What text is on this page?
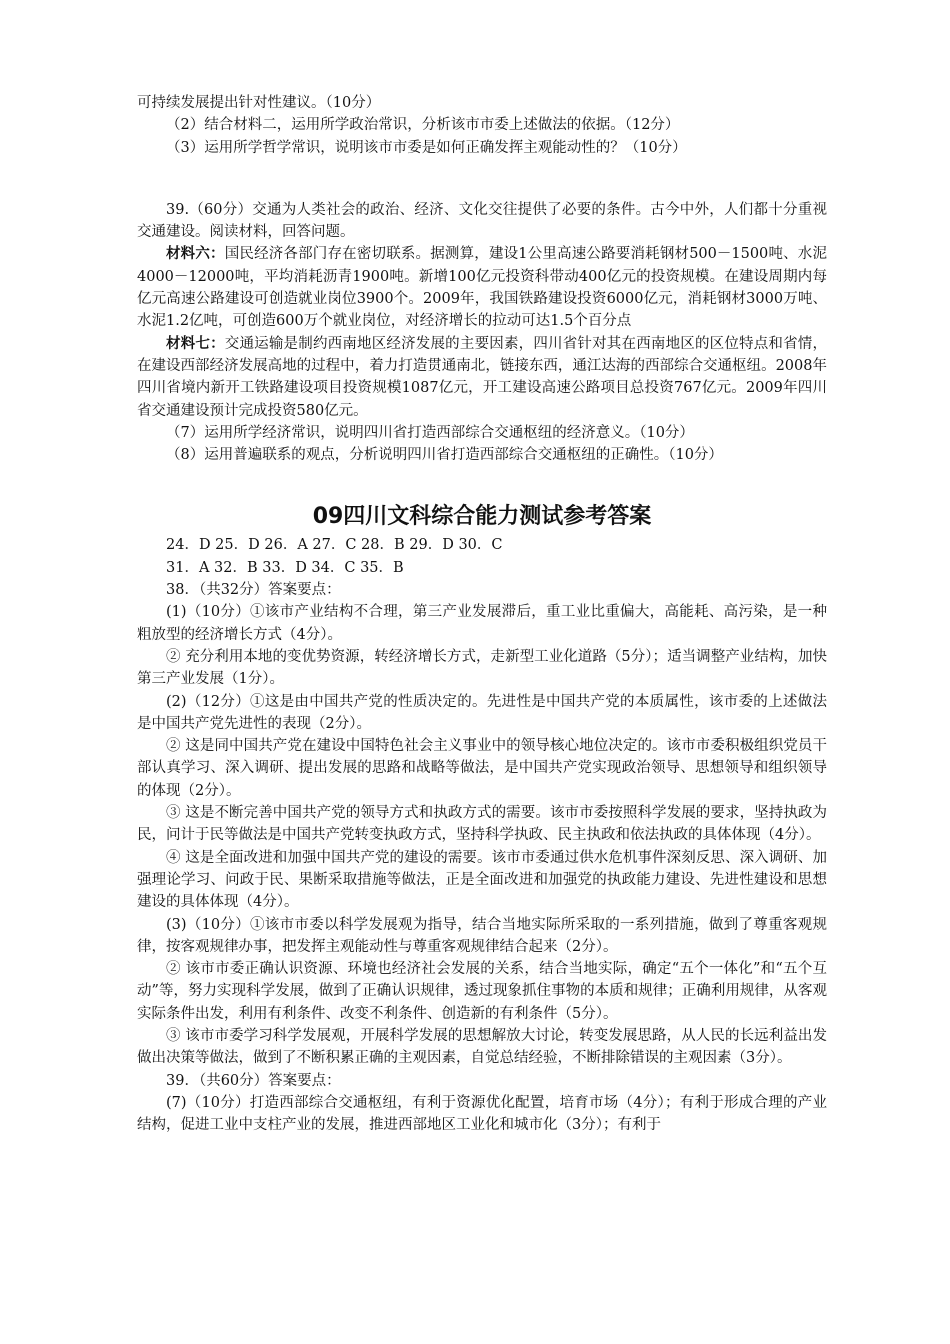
可持续发展提出针对性建议。（10分）

（2）结合材料二，运用所学政治常识，分析该市市委上述做法的依据。（12分）

（3）运用所学哲学常识，说明该市市委是如何正确发挥主观能动性的？（10分）

39.（60分）交通为人类社会的政治、经济、文化交往提供了必要的条件。古今中外，人们都十分重视交通建设。阅读材料，回答问题。

材料六：国民经济各部门存在密切联系。据测算，建设1公里高速公路要消耗钢材500－1500吨、水泥4000－12000吨，平均消耗沥青1900吨。新增100亿元投资科带动400亿元的投资规模。在建设周期内每亿元高速公路建设可创造就业岗位3900个。2009年，我国铁路建设投资6000亿元，消耗钢材3000万吨、水泥1.2亿吨，可创造600万个就业岗位，对经济增长的拉动可达1.5个百分点

材料七：交通运输是制约西南地区经济发展的主要因素，四川省针对其在西南地区的区位特点和省情，在建设西部经济发展高地的过程中，着力打造贯通南北，链接东西，通江达海的西部综合交通枢纽。2008年四川省境内新开工铁路建设项目投资规模1087亿元，开工建设高速公路项目总投资767亿元。2009年四川省交通建设预计完成投资580亿元。

（7）运用所学经济常识，说明四川省打造西部综合交通枢纽的经济意义。（10分）

（8）运用普遍联系的观点，分析说明四川省打造西部综合交通枢纽的正确性。（10分）

09四川文科综合能力测试参考答案

24．D 25．D 26．A 27．C 28．B 29．D 30．C

31．A 32．B 33．D 34．C 35．B

38．（共32分）答案要点：

(1)（10分）①该市产业结构不合理，第三产业发展滞后，重工业比重偏大，高能耗、高污染，是一种粗放型的经济增长方式（4分）。

② 充分利用本地的变优势资源，转经济增长方式，走新型工业化道路（5分）；适当调整产业结构，加快第三产业发展（1分）。

(2)（12分）①这是由中国共产党的性质决定的。先进性是中国共产党的本质属性，该市委的上述做法是中国共产党先进性的表现（2分）。

② 这是同中国共产党在建设中国特色社会主义事业中的领导核心地位决定的。该市市委积极组织党员干部认真学习、深入调研、提出发展的思路和战略等做法，是中国共产党实现政治领导、思想领导和组织领导的体现（2分）。

③ 这是不断完善中国共产党的领导方式和执政方式的需要。该市市委按照科学发展的要求，坚持执政为民，问计于民等做法是中国共产党转变执政方式，坚持科学执政、民主执政和依法执政的具体体现（4分）。

④ 这是全面改进和加强中国共产党的建设的需要。该市市委通过供水危机事件深刻反思、深入调研、加强理论学习、问政于民、果断采取措施等做法，正是全面改进和加强党的执政能力建设、先进性建设和思想建设的具体体现（4分）。

(3)（10分）①该市市委以科学发展观为指导，结合当地实际所采取的一系列措施，做到了尊重客观规律，按客观规律办事，把发挥主观能动性与尊重客观规律结合起来（2分）。

② 该市市委正确认识资源、环境也经济社会发展的关系，结合当地实际，确定“五个一体化”和“五个互动”等，努力实现科学发展，做到了正确认识规律，透过现象抓住事物的本质和规律；正确利用规律，从客观实际条件出发，利用有利条件、改变不利条件、创造新的有利条件（5分）。

③ 该市市委学习科学发展观，开展科学发展的思想解放大讨论，转变发展思路，从人民的长远利益出发做出决策等做法，做到了不断积累正确的主观因素，自觉总结经验，不断排除错误的主观因素（3分）。

39．（共60分）答案要点：

(7)（10分）打造西部综合交通枢纽，有利于资源优化配置，培育市场（4分）；有利于形成合理的产业结构，促进工业中支柱产业的发展，推进西部地区工业化和城市化（3分）；有利于
